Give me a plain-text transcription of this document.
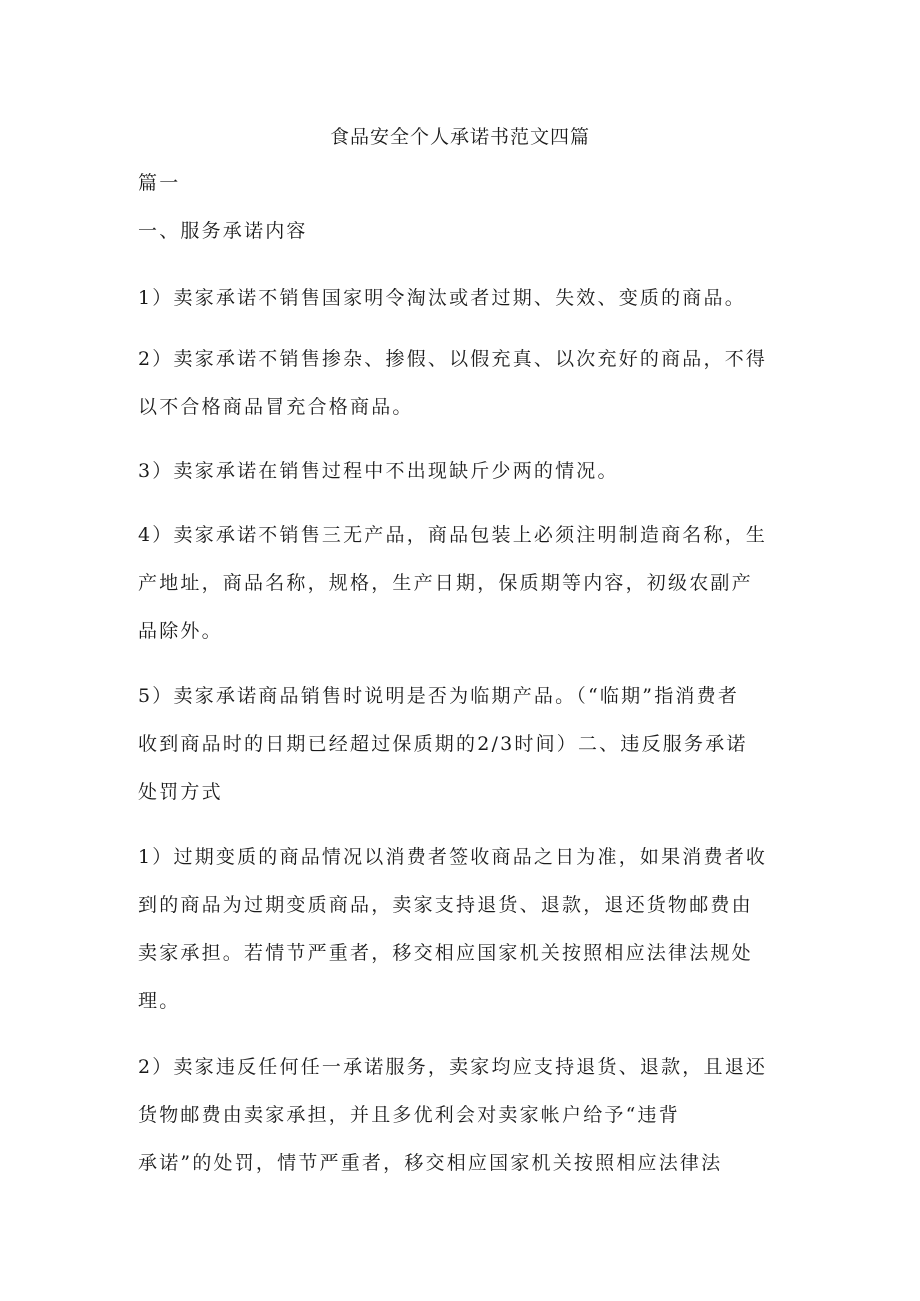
食品安全个人承诺书范文四篇
篇一
一、服务承诺内容
1）卖家承诺不销售国家明令淘汰或者过期、失效、变质的商品。
2）卖家承诺不销售掺杂、掺假、以假充真、以次充好的商品，不得
以不合格商品冒充合格商品。
3）卖家承诺在销售过程中不出现缺斤少两的情况。
4）卖家承诺不销售三无产品，商品包装上必须注明制造商名称，生
产地址，商品名称，规格，生产日期，保质期等内容，初级农副产
品除外。
5）卖家承诺商品销售时说明是否为临期产品。（“临期”指消费者
收到商品时的日期已经超过保质期的2/3时间）二、违反服务承诺
处罚方式
1）过期变质的商品情况以消费者签收商品之日为准，如果消费者收
到的商品为过期变质商品，卖家支持退货、退款，退还货物邮费由
卖家承担。若情节严重者，移交相应国家机关按照相应法律法规处
理。
2）卖家违反任何任一承诺服务，卖家均应支持退货、退款，且退还
货物邮费由卖家承担，并且多优利会对卖家帐户给予“违背
承诺”的处罚，情节严重者，移交相应国家机关按照相应法律法
